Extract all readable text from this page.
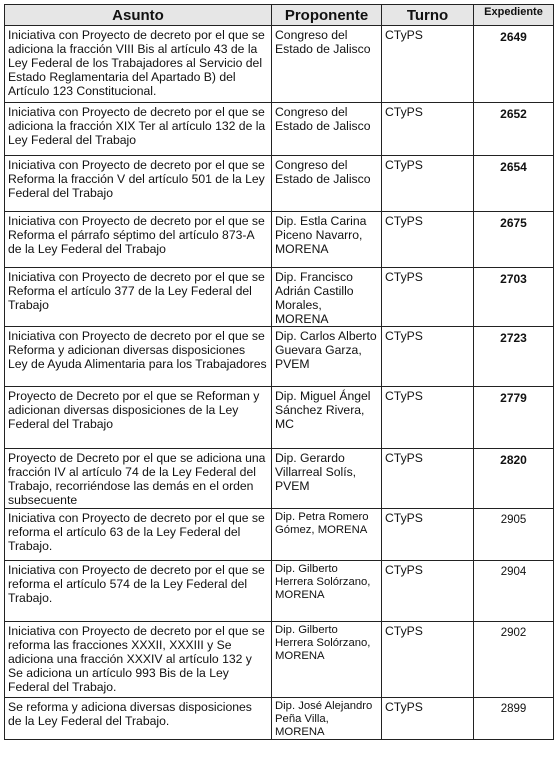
Asunto	Proponente	Turno	Expediente
Iniciativa con Proyecto de decreto por el que se adiciona la fracción VIII Bis al artículo 43 de la Ley Federal de los Trabajadores al Servicio del Estado Reglamentaria del Apartado B) del Artículo 123 Constitucional.	Congreso del Estado de Jalisco	CTyPS	2649
Iniciativa con Proyecto de decreto por el que se adiciona la fracción XIX Ter al artículo 132 de la Ley Federal del Trabajo	Congreso del Estado de Jalisco	CTyPS	2652
Iniciativa con Proyecto de decreto por el que se Reforma la fracción V del artículo 501 de la Ley Federal del Trabajo	Congreso del Estado de Jalisco	CTyPS	2654
Iniciativa con Proyecto de decreto por el que se Reforma el párrafo séptimo del artículo 873-A de la Ley Federal del Trabajo	Dip. Estla Carina Piceno Navarro, MORENA	CTyPS	2675
Iniciativa con Proyecto de decreto por el que se Reforma el artículo 377 de la Ley Federal del Trabajo	Dip. Francisco Adrián Castillo Morales, MORENA	CTyPS	2703
Iniciativa con Proyecto de decreto por el que se Reforma y adicionan diversas disposiciones Ley de Ayuda Alimentaria para los Trabajadores	Dip. Carlos Alberto Guevara Garza, PVEM	CTyPS	2723
Proyecto de Decreto por el que se Reforman y adicionan diversas disposiciones de la Ley Federal del Trabajo	Dip. Miguel Ángel Sánchez Rivera, MC	CTyPS	2779
Proyecto de Decreto por el que se adiciona una fracción IV al artículo 74 de la Ley Federal del Trabajo, recorriéndose las demás en el orden subsecuente	Dip. Gerardo Villarreal Solís, PVEM	CTyPS	2820
Iniciativa con Proyecto de decreto por el que se reforma el artículo 63 de la Ley Federal del Trabajo.	Dip. Petra Romero Gómez, MORENA	CTyPS	2905
Iniciativa con Proyecto de decreto por el que se reforma el artículo 574 de la Ley Federal del Trabajo.	Dip. Gilberto Herrera Solórzano, MORENA	CTyPS	2904
Iniciativa con Proyecto de decreto por el que se reforma las fracciones XXXII, XXXIII y Se adiciona una fracción XXXIV al artículo 132 y Se adiciona un artículo 993 Bis de la Ley Federal del Trabajo.	Dip. Gilberto Herrera Solórzano, MORENA	CTyPS	2902
Se reforma y adiciona diversas disposiciones de la Ley Federal del Trabajo.	Dip. José Alejandro Peña Villa, MORENA	CTyPS	2899
